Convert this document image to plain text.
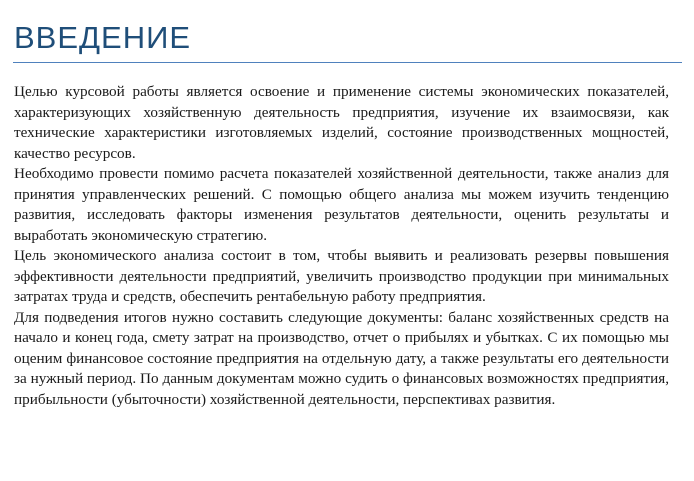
ВВЕДЕНИЕ

Целью курсовой работы является освоение и применение системы экономических показателей, характеризующих хозяйственную деятельность предприятия, изучение их взаимосвязи, как технические характеристики изготовляемых изделий, состояние производственных мощностей, качество ресурсов.

Необходимо провести помимо расчета показателей хозяйственной деятельности, также анализ для принятия управленческих решений. С помощью общего анализа мы можем изучить тенденцию развития, исследовать факторы изменения результатов деятельности, оценить результаты и выработать экономическую стратегию.

Цель экономического анализа состоит в том, чтобы выявить и реализовать резервы повышения эффективности деятельности предприятий, увеличить производство продукции при минимальных затратах труда и средств, обеспечить рентабельную работу предприятия.

Для подведения итогов нужно составить следующие документы: баланс хозяйственных средств на начало и конец года, смету затрат на производство, отчет о прибылях и убытках. С их помощью мы оценим финансовое состояние предприятия на отдельную дату, а также результаты его деятельности за нужный период. По данным документам можно судить о финансовых возможностях предприятия, прибыльности (убыточности) хозяйственной деятельности, перспективах развития.
